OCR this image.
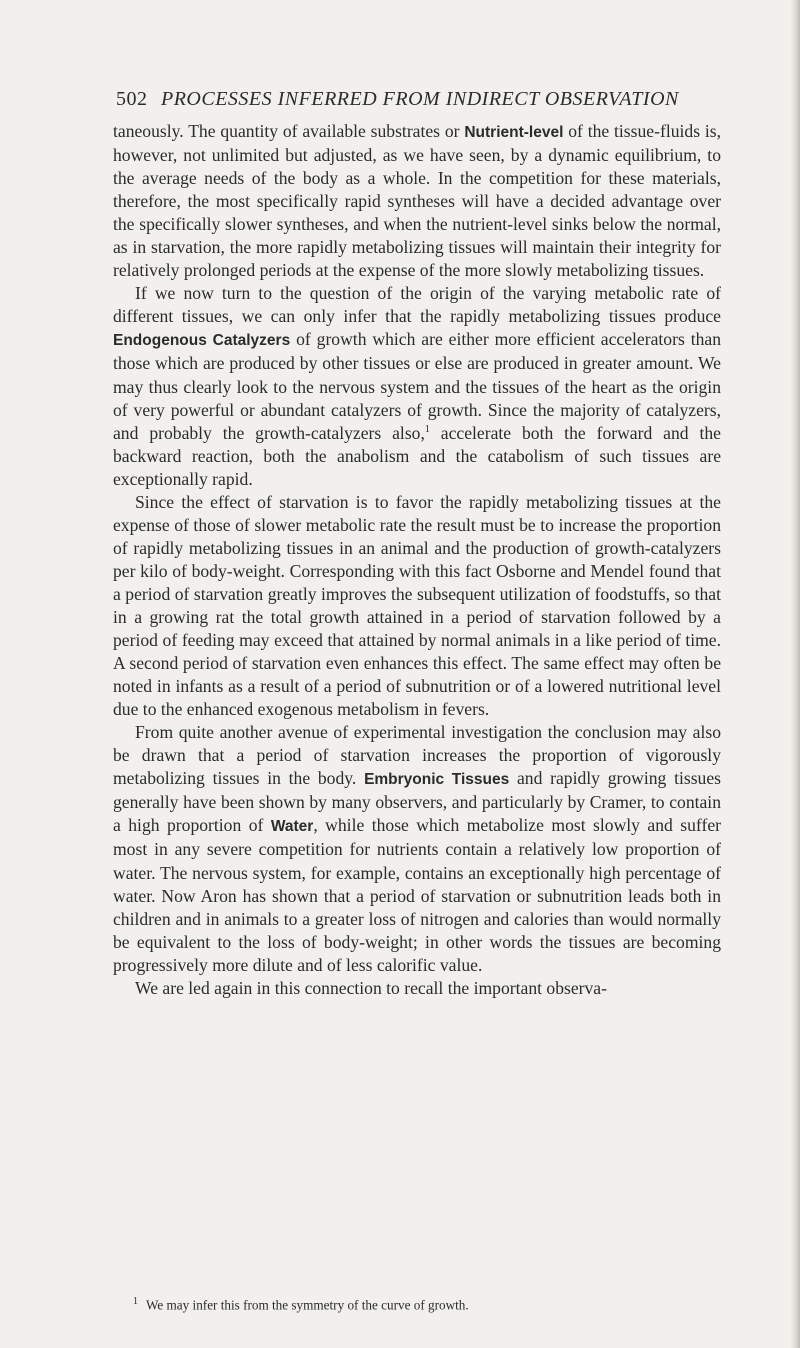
502 PROCESSES INFERRED FROM INDIRECT OBSERVATION

taneously. The quantity of available substrates or Nutrient-level of the tissue-fluids is, however, not unlimited but adjusted, as we have seen, by a dynamic equilibrium, to the average needs of the body as a whole. In the competition for these materials, therefore, the most specifically rapid syntheses will have a decided advantage over the specifically slower syntheses, and when the nutrient-level sinks below the normal, as in starvation, the more rapidly metabolizing tissues will maintain their integrity for relatively prolonged periods at the expense of the more slowly metabolizing tissues.

If we now turn to the question of the origin of the varying metabolic rate of different tissues, we can only infer that the rapidly metabolizing tissues produce Endogenous Catalyzers of growth which are either more efficient accelerators than those which are produced by other tissues or else are produced in greater amount. We may thus clearly look to the nervous system and the tissues of the heart as the origin of very powerful or abundant catalyzers of growth. Since the majority of catalyzers, and probably the growth-catalyzers also,$^1$ accelerate both the forward and the backward reaction, both the anabolism and the catabolism of such tissues are exceptionally rapid.

Since the effect of starvation is to favor the rapidly metabolizing tissues at the expense of those of slower metabolic rate the result must be to increase the proportion of rapidly metabolizing tissues in an animal and the production of growth-catalyzers per kilo of body-weight. Corresponding with this fact Osborne and Mendel found that a period of starvation greatly improves the subsequent utilization of foodstuffs, so that in a growing rat the total growth attained in a period of starvation followed by a period of feeding may exceed that attained by normal animals in a like period of time. A second period of starvation even enhances this effect. The same effect may often be noted in infants as a result of a period of subnutrition or of a lowered nutritional level due to the enhanced exogenous metabolism in fevers.

From quite another avenue of experimental investigation the conclusion may also be drawn that a period of starvation increases the proportion of vigorously metabolizing tissues in the body. Embryonic Tissues and rapidly growing tissues generally have been shown by many observers, and particularly by Cramer, to contain a high proportion of Water, while those which metabolize most slowly and suffer most in any severe competition for nutrients contain a relatively low proportion of water. The nervous system, for example, contains an exceptionally high percentage of water. Now Aron has shown that a period of starvation or subnutrition leads both in children and in animals to a greater loss of nitrogen and calories than would normally be equivalent to the loss of body-weight; in other words the tissues are becoming progressively more dilute and of less calorific value.

We are led again in this connection to recall the important observa-

$^1$ We may infer this from the symmetry of the curve of growth.
